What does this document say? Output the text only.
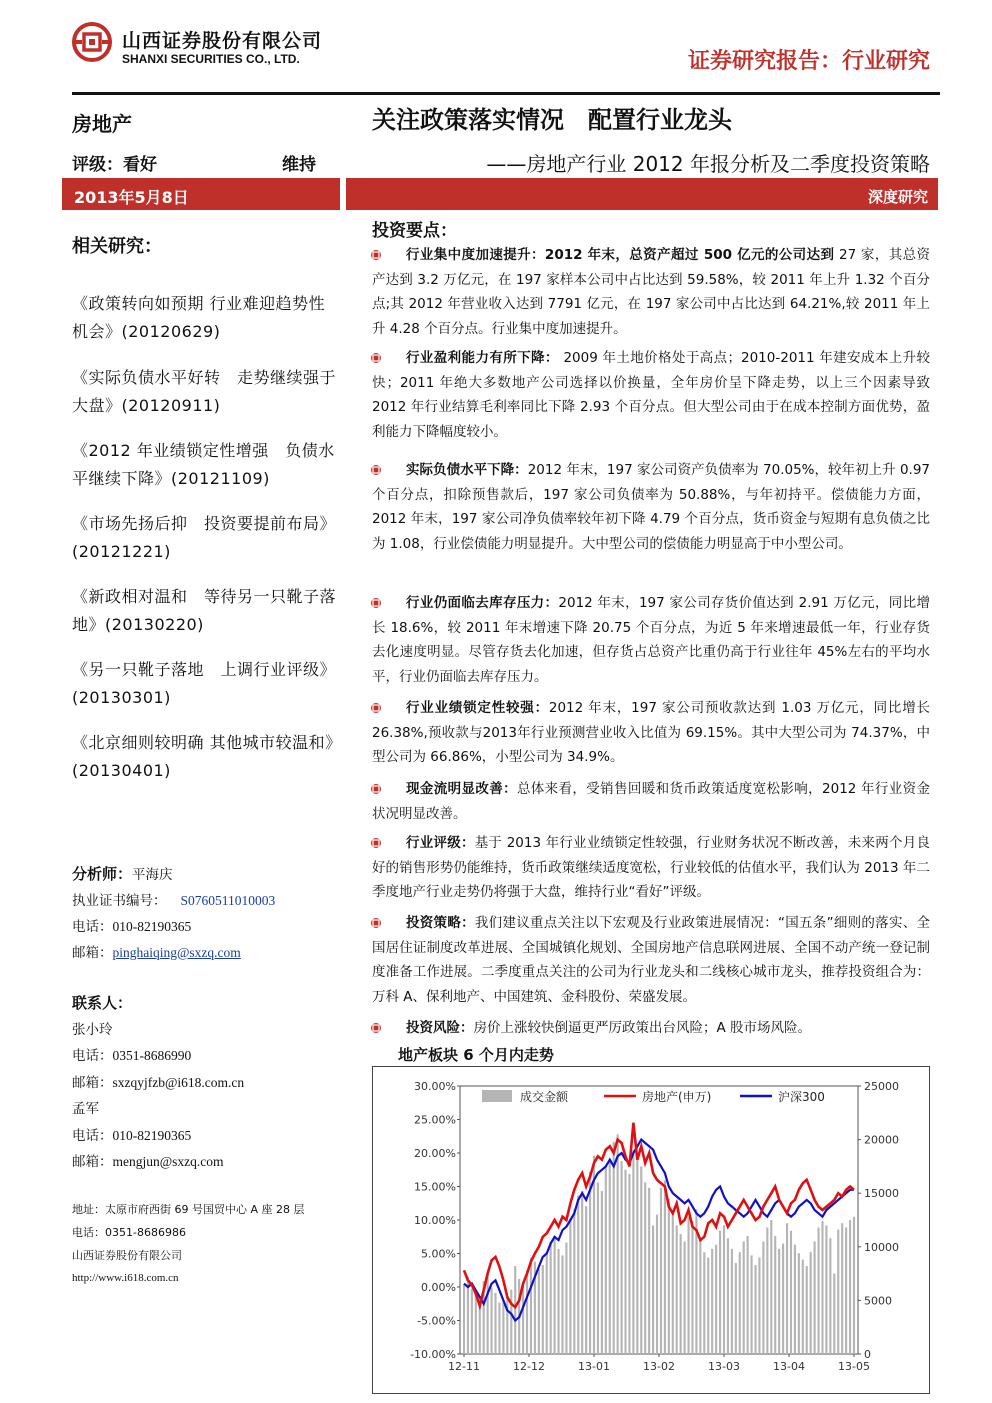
山西证券股份有限公司
SHANXI SECURITIES CO., LTD.	证券研究报告：行业研究
房地产
评级：看好	维持
2013年5月8日
相关研究：
《政策转向如预期 行业难迎趋势性机会》(20120629)
《实际负债水平好转　走势继续强于大盘》(20120911)
《2012 年业绩锁定性增强　负债水平继续下降》(20121109)
《市场先扬后抑　投资要提前布局》(20121221)
《新政相对温和　等待另一只靴子落地》(20130220)
《另一只靴子落地　上调行业评级》(20130301)
《北京细则较明确 其他城市较温和》(20130401)
分析师：平海庆
执业证书编号： S0760511010003
电话：010-82190365
邮箱：pinghaiqing@sxzq.com
联系人：
张小玲
电话：0351-8686990
邮箱：sxzqyjfzb@i618.com.cn
孟军
电话：010-82190365
邮箱：mengjun@sxzq.com
地址：太原市府西街 69 号国贸中心 A 座 28 层
电话：0351-8686986
山西证券股份有限公司
http://www.i618.com.cn
关注政策落实情况 配置行业龙头
——房地产行业 2012 年报分析及二季度投资策略
深度研究
投资要点：
行业集中度加速提升：2012 年末，总资产超过 500 亿元的公司达到 27 家，其总资产达到 3.2 万亿元，在 197 家样本公司中占比达到 59.58%，较 2011 年上升 1.32 个百分点;其 2012 年营业收入达到 7791 亿元，在 197 家公司中占比达到 64.21%,较 2011 年上升 4.28 个百分点。行业集中度加速提升。
行业盈利能力有所下降： 2009 年土地价格处于高点；2010-2011 年建安成本上升较快；2011 年绝大多数地产公司选择以价换量，全年房价呈下降走势，以上三个因素导致 2012 年行业结算毛利率同比下降 2.93 个百分点。但大型公司由于在成本控制方面优势，盈利能力下降幅度较小。
实际负债水平下降：2012 年末，197 家公司资产负债率为 70.05%，较年初上升 0.97 个百分点，扣除预售款后，197 家公司负债率为 50.88%，与年初持平。偿债能力方面，2012 年末，197 家公司净负债率较年初下降 4.79 个百分点，货币资金与短期有息负债之比为 1.08，行业偿债能力明显提升。大中型公司的偿债能力明显高于中小型公司。
行业仍面临去库存压力：2012 年末，197 家公司存货价值达到 2.91 万亿元，同比增长 18.6%，较 2011 年末增速下降 20.75 个百分点，为近 5 年来增速最低一年，行业存货去化速度明显。尽管存货去化加速，但存货占总资产比重仍高于行业往年 45%左右的平均水平，行业仍面临去库存压力。
行业业绩锁定性较强：2012 年末，197 家公司预收款达到 1.03 万亿元，同比增长 26.38%,预收款与2013年行业预测营业收入比值为 69.15%。其中大型公司为 74.37%，中型公司为 66.86%，小型公司为 34.9%。
现金流明显改善：总体来看，受销售回暖和货币政策适度宽松影响，2012 年行业资金状况明显改善。
行业评级：基于 2013 年行业业绩锁定性较强，行业财务状况不断改善，未来两个月良好的销售形势仍能维持，货币政策继续适度宽松，行业较低的估值水平，我们认为 2013 年二季度地产行业走势仍将强于大盘，维持行业“看好”评级。
投资策略：我们建议重点关注以下宏观及行业政策进展情况：“国五条”细则的落实、全国居住证制度改革进展、全国城镇化规划、全国房地产信息联网进展、全国不动产统一登记制度准备工作进展。二季度重点关注的公司为行业龙头和二线核心城市龙头，推荐投资组合为：万科 A、保利地产、中国建筑、金科股份、荣盛发展。
投资风险：房价上涨较快倒逼更严厉政策出台风险；A 股市场风险。
地产板块 6 个月内走势
30.00%
25.00%
20.00%
15.00%
10.00%
5.00%
0.00%
-5.00%
-10.00%
25000
20000
15000
10000
5000
0
12-11	12-12	13-01	13-02	13-03	13-04	13-05
成交金额	房地产(申万)	沪深300
